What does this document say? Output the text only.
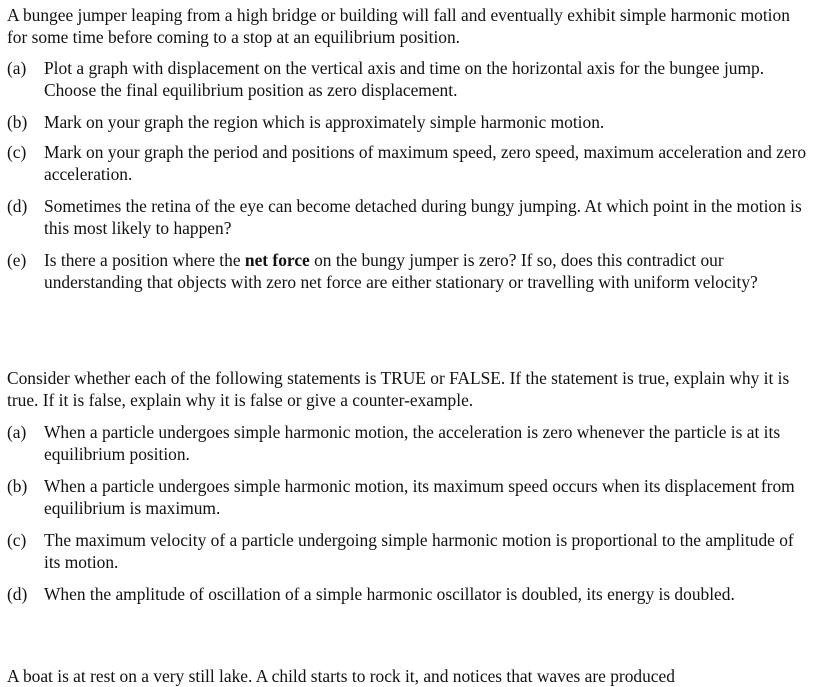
A bungee jumper leaping from a high bridge or building will fall and eventually exhibit simple harmonic motion for some time before coming to a stop at an equilibrium position.

(a)	Plot a graph with displacement on the vertical axis and time on the horizontal axis for the bungee jump. Choose the final equilibrium position as zero displacement.
(b) Mark on your graph the region which is approximately simple harmonic motion.
(c)	Mark on your graph the period and positions of maximum speed, zero speed, maximum acceleration and zero acceleration.
(d) Sometimes the retina of the eye can become detached during bungy jumping. At which point in the motion is this most likely to happen?
(e)	Is there a position where the net force on the bungy jumper is zero? If so, does this contradict our understanding that objects with zero net force are either stationary or travelling with uniform velocity?

Consider whether each of the following statements is TRUE or FALSE. If the statement is true, explain why it is true. If it is false, explain why it is false or give a counter-example.

(a)	When a particle undergoes simple harmonic motion, the acceleration is zero whenever the particle is at its equilibrium position.
(b) When a particle undergoes simple harmonic motion, its maximum speed occurs when its displacement from equilibrium is maximum.
(c)	The maximum velocity of a particle undergoing simple harmonic motion is proportional to the amplitude of its motion.
(d) When the amplitude of oscillation of a simple harmonic oscillator is doubled, its energy is doubled.
A boat is at rest on a very still lake. A child starts to rock it, and notices that waves are produced
